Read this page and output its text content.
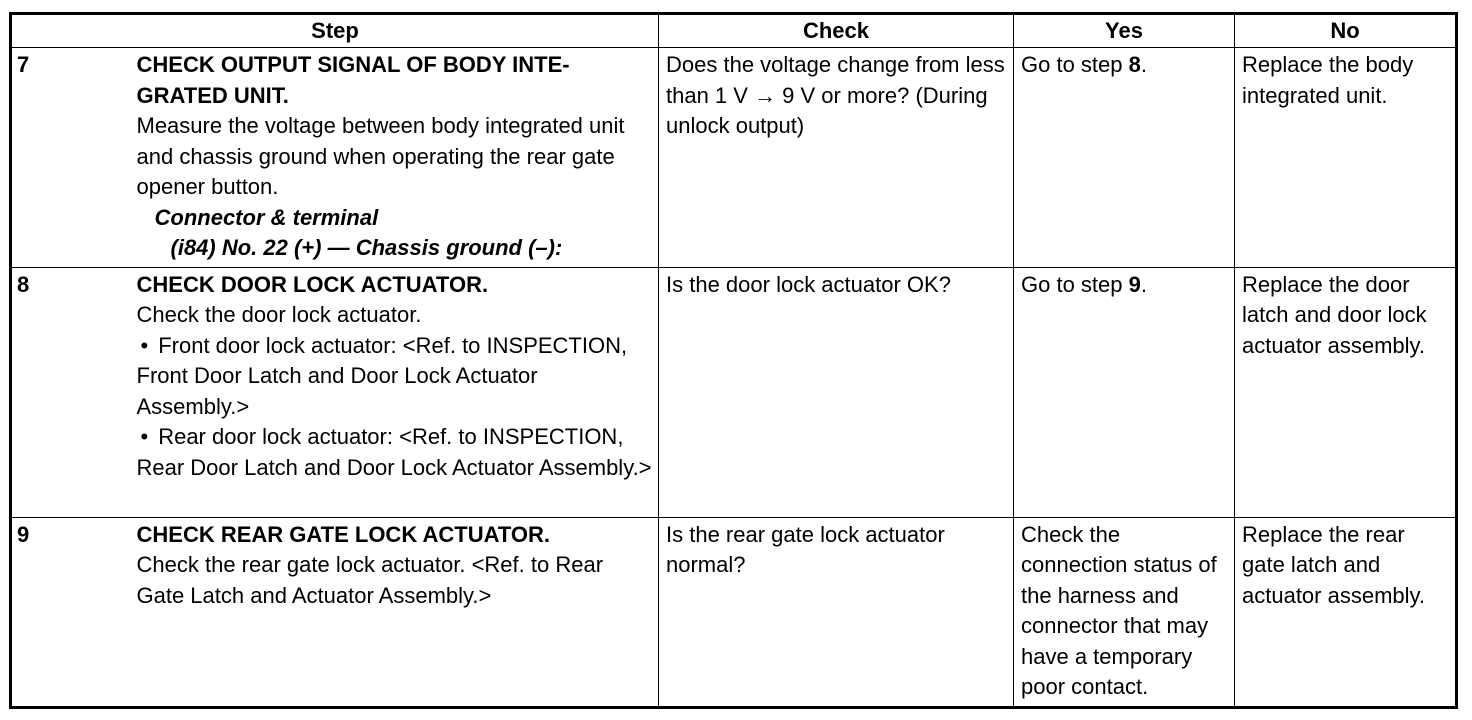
Step		Check	Yes	No
7	CHECK OUTPUT SIGNAL OF BODY INTE-
GRATED UNIT.
Measure the voltage between body integrated unit and chassis ground when operating the rear gate opener button.
Connector & terminal
(i84) No. 22 (+) — Chassis ground (–):	Does the voltage change from less than 1 V → 9 V or more? (During unlock output)	Go to step 8.	Replace the body integrated unit.
8	CHECK DOOR LOCK ACTUATOR.
Check the door lock actuator.
• Front door lock actuator: <Ref. to INSPECTION, Front Door Latch and Door Lock Actuator Assembly.>
• Rear door lock actuator: <Ref. to INSPECTION, Rear Door Latch and Door Lock Actuator Assembly.>	Is the door lock actuator OK?	Go to step 9.	Replace the door latch and door lock actuator assembly.
9	CHECK REAR GATE LOCK ACTUATOR.
Check the rear gate lock actuator. <Ref. to Rear Gate Latch and Actuator Assembly.>	Is the rear gate lock actuator normal?	Check the connection status of the harness and connector that may have a temporary poor contact.	Replace the rear gate latch and actuator assembly.
